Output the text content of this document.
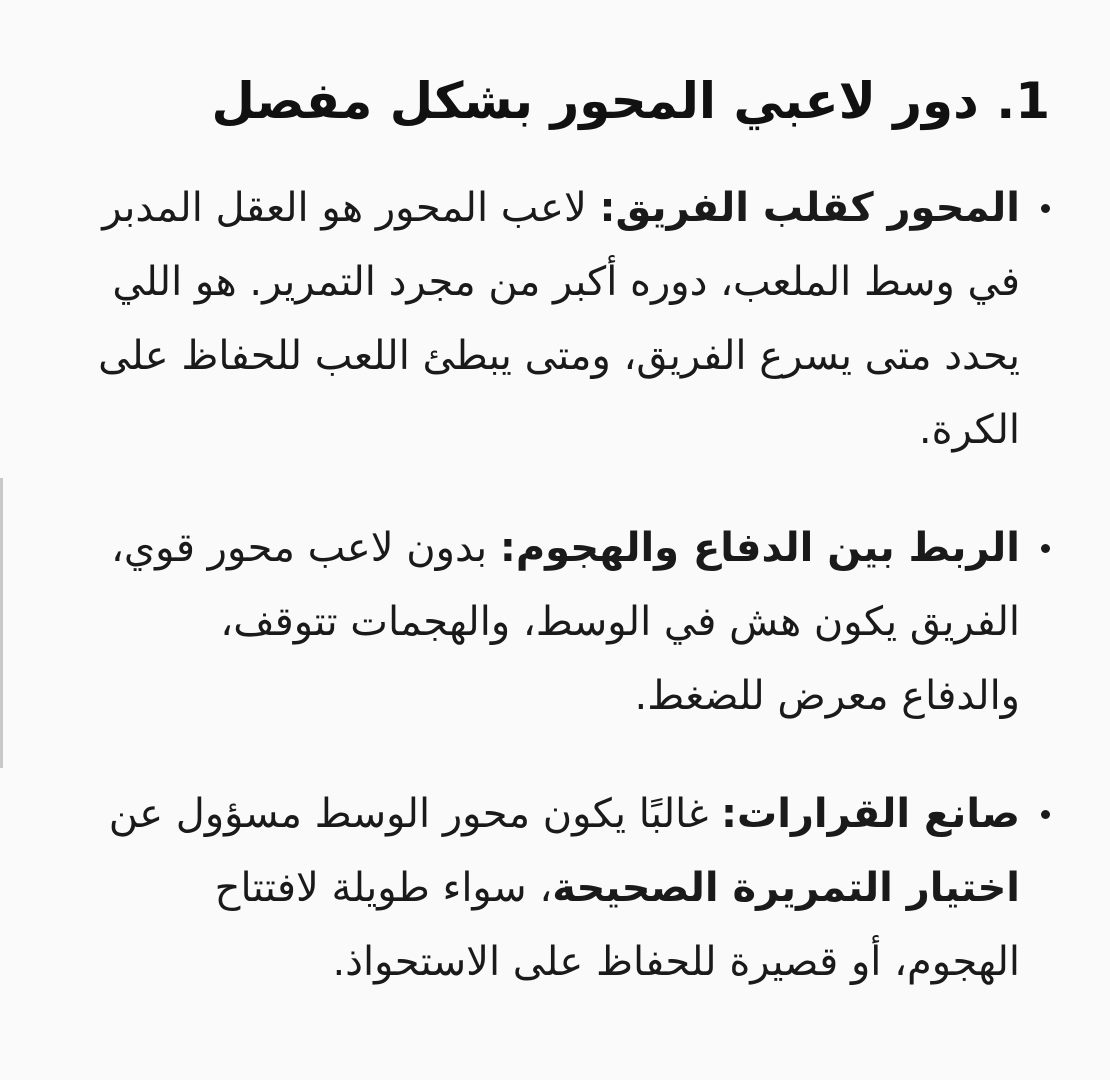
1. دور لاعبي المحور بشكل مفصل
المحور كقلب الفريق: لاعب المحور هو العقل المدبر في وسط الملعب، دوره أكبر من مجرد التمرير. هو اللي يحدد متى يسرع الفريق، ومتى يبطئ اللعب للحفاظ على الكرة.
الربط بين الدفاع والهجوم: بدون لاعب محور قوي، الفريق يكون هش في الوسط، والهجمات تتوقف، والدفاع معرض للضغط.
صانع القرارات: غالبًا يكون محور الوسط مسؤول عن اختيار التمريرة الصحيحة، سواء طويلة لافتتاح الهجوم، أو قصيرة للحفاظ على الاستحواذ.
